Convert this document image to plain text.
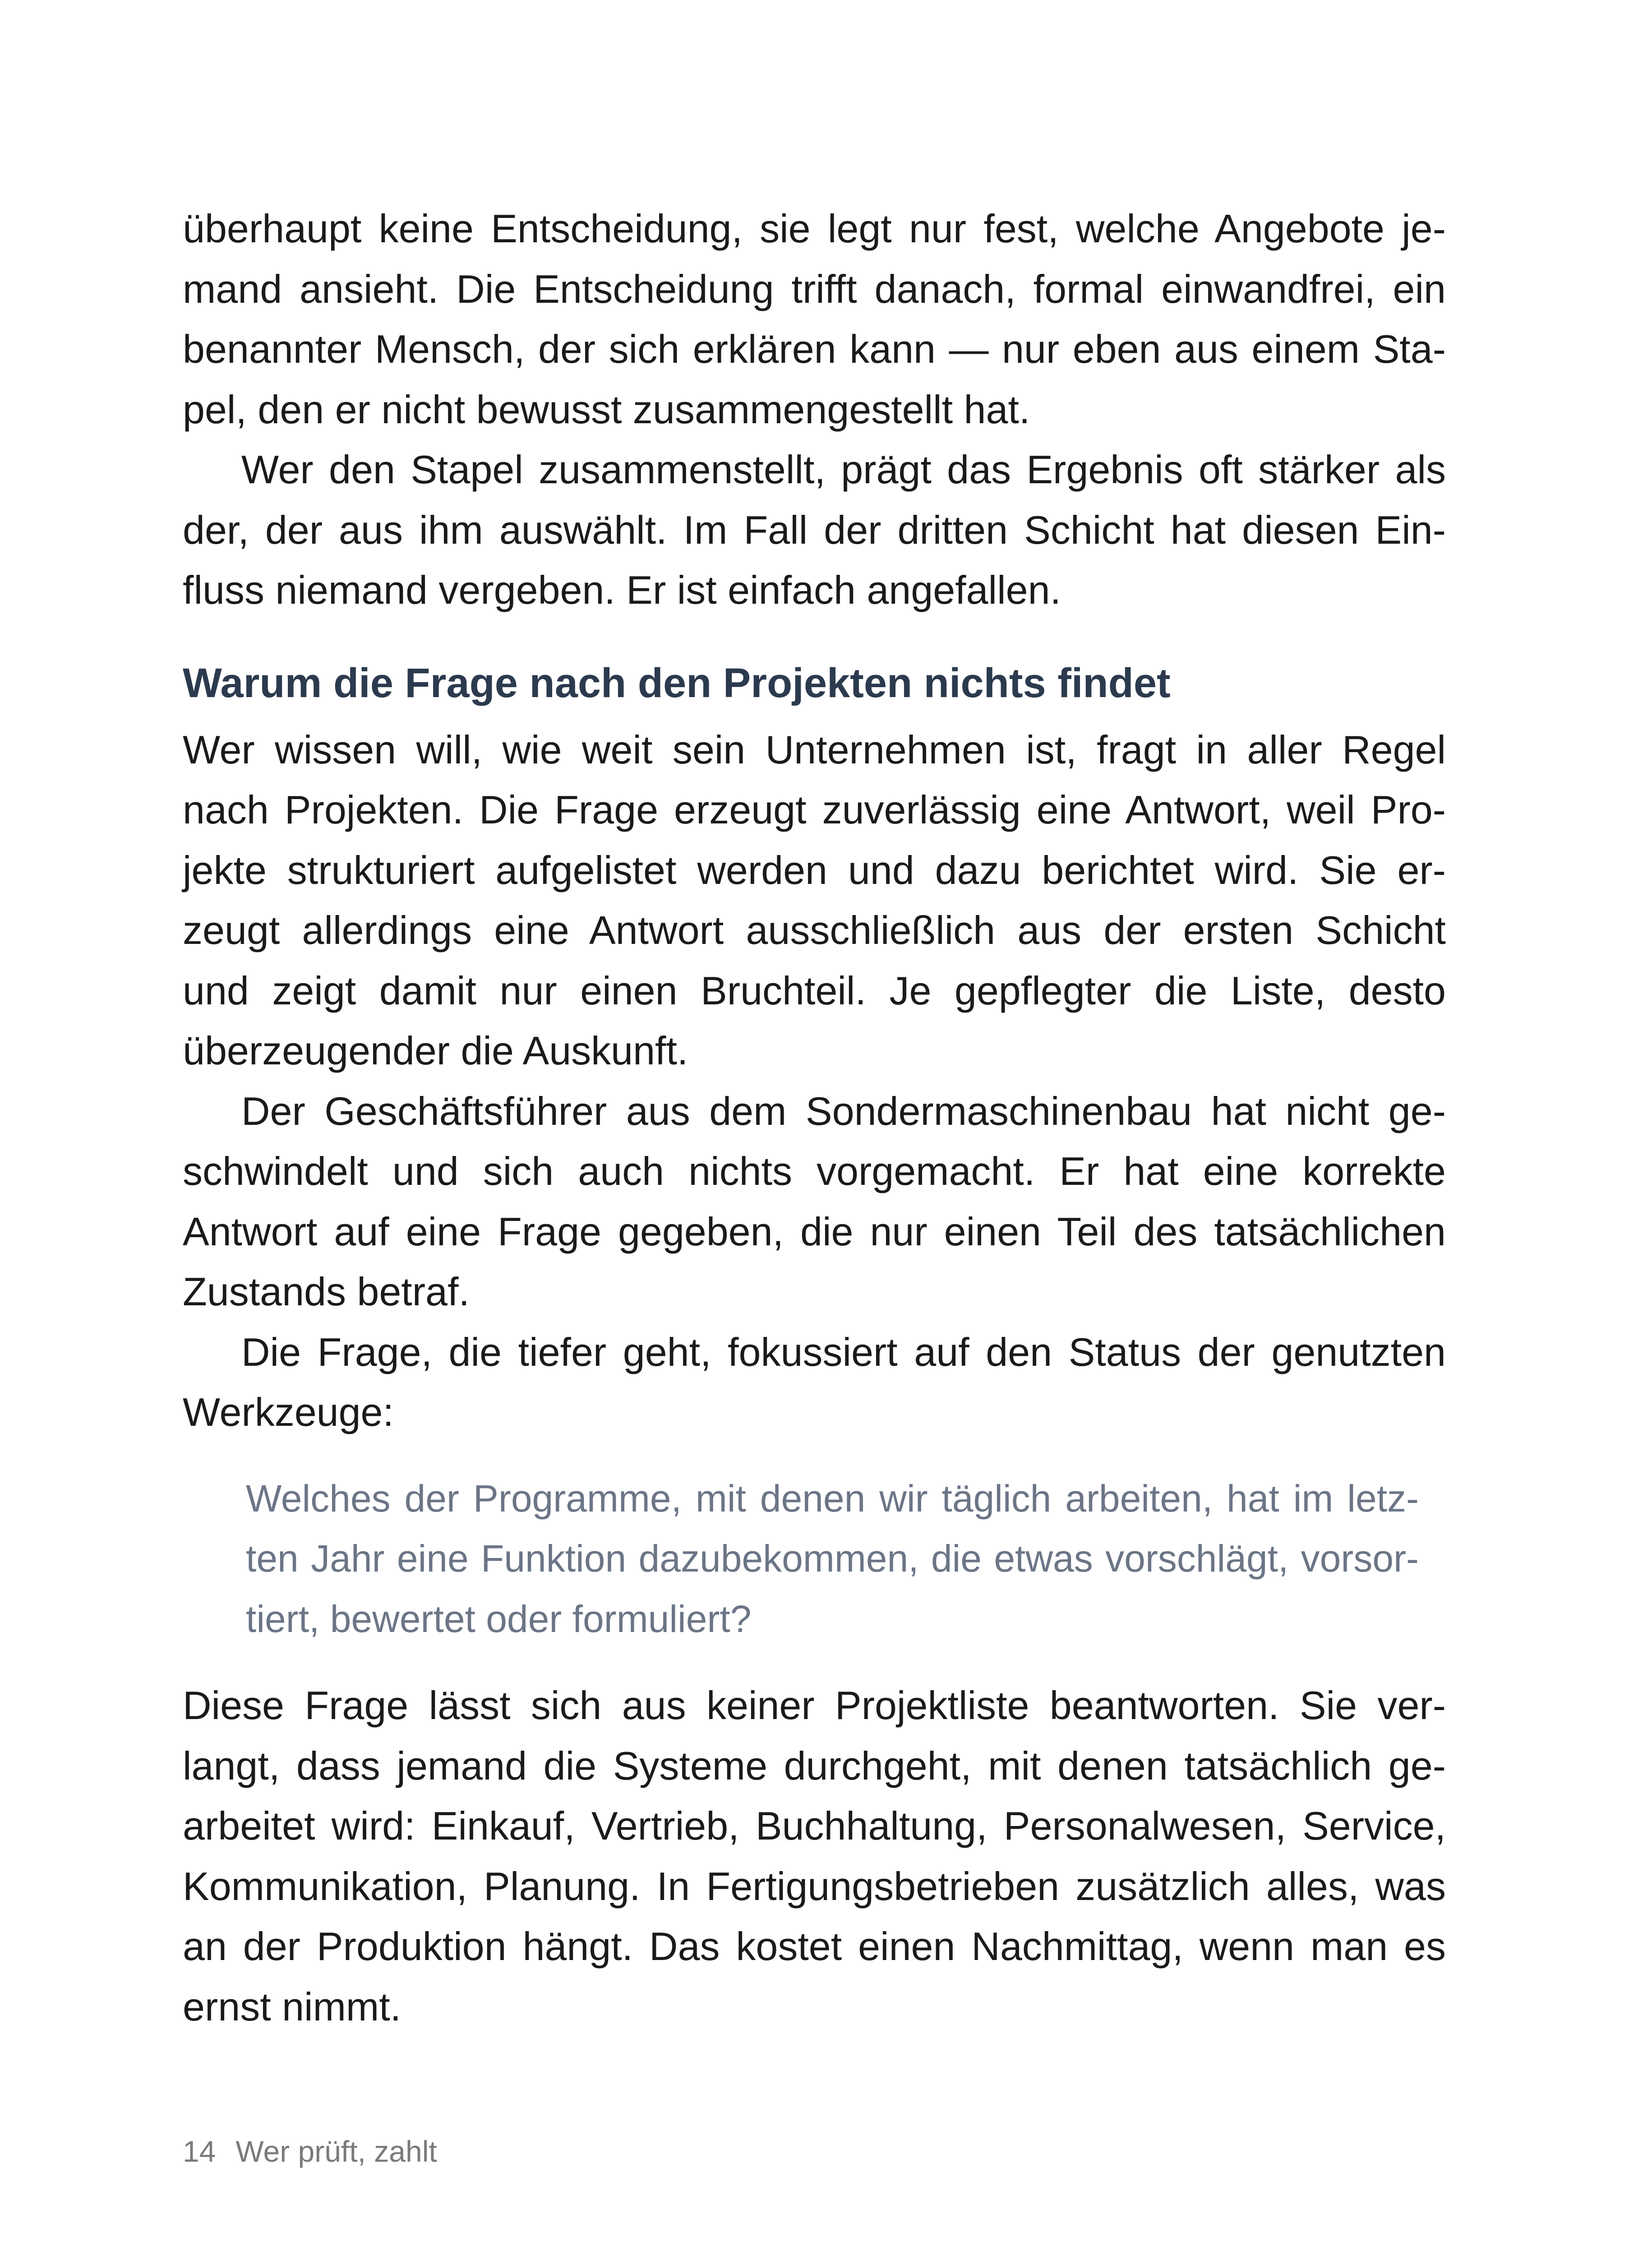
überhaupt keine Entscheidung, sie legt nur fest, welche Angebote je-
mand ansieht. Die Entscheidung trifft danach, formal einwandfrei, ein
benannter Mensch, der sich erklären kann — nur eben aus einem Sta-
pel, den er nicht bewusst zusammengestellt hat.
Wer den Stapel zusammenstellt, prägt das Ergebnis oft stärker als
der, der aus ihm auswählt. Im Fall der dritten Schicht hat diesen Ein-
fluss niemand vergeben. Er ist einfach angefallen.
Warum die Frage nach den Projekten nichts findet
Wer wissen will, wie weit sein Unternehmen ist, fragt in aller Regel
nach Projekten. Die Frage erzeugt zuverlässig eine Antwort, weil Pro-
jekte strukturiert aufgelistet werden und dazu berichtet wird. Sie er-
zeugt allerdings eine Antwort ausschließlich aus der ersten Schicht
und zeigt damit nur einen Bruchteil. Je gepflegter die Liste, desto
überzeugender die Auskunft.
Der Geschäftsführer aus dem Sondermaschinenbau hat nicht ge-
schwindelt und sich auch nichts vorgemacht. Er hat eine korrekte
Antwort auf eine Frage gegeben, die nur einen Teil des tatsächlichen
Zustands betraf.
Die Frage, die tiefer geht, fokussiert auf den Status der genutzten
Werkzeuge:
Welches der Programme, mit denen wir täglich arbeiten, hat im letz-
ten Jahr eine Funktion dazubekommen, die etwas vorschlägt, vorsor-
tiert, bewertet oder formuliert?
Diese Frage lässt sich aus keiner Projektliste beantworten. Sie ver-
langt, dass jemand die Systeme durchgeht, mit denen tatsächlich ge-
arbeitet wird: Einkauf, Vertrieb, Buchhaltung, Personalwesen, Service,
Kommunikation, Planung. In Fertigungsbetrieben zusätzlich alles, was
an der Produktion hängt. Das kostet einen Nachmittag, wenn man es
ernst nimmt.
14 Wer prüft, zahlt
